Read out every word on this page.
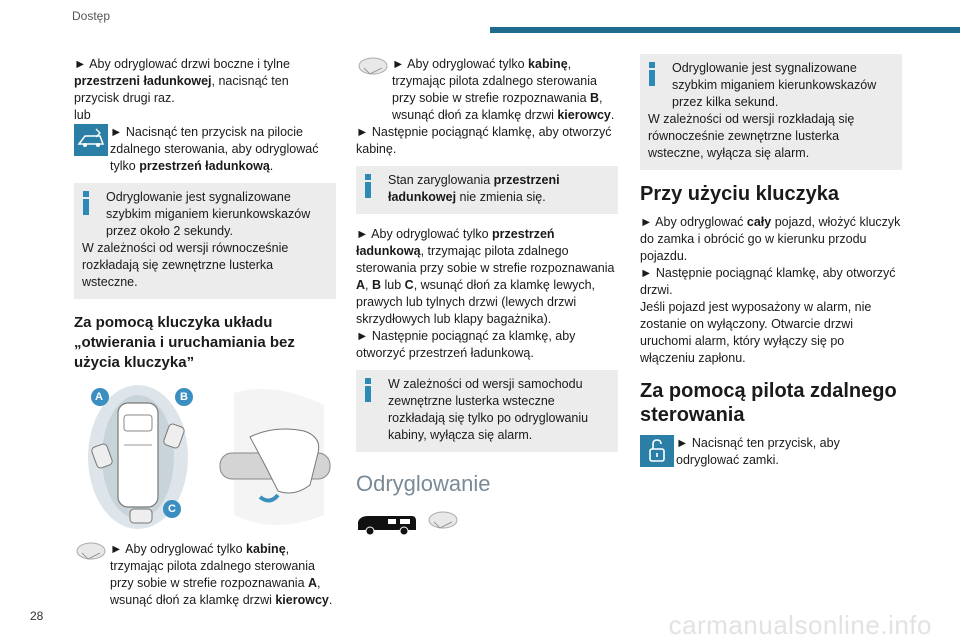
Dostęp

► Aby odryglować drzwi boczne i tylne przestrzeni ładunkowej, nacisnąć ten przycisk drugi raz.

lub

► Nacisnąć ten przycisk na pilocie zdalnego sterowania, aby odryglować tylko przestrzeń ładunkową.

Odryglowanie jest sygnalizowane szybkim miganiem kierunkowskazów przez około 2 sekundy.

W zależności od wersji równocześnie rozkładają się zewnętrzne lusterka wsteczne.

Za pomocą kluczyka układu „otwierania i uruchamiania bez użycia kluczyka”
A	B
C

► Aby odryglować tylko kabinę, trzymając pilota zdalnego sterowania przy sobie w strefie rozpoznawania A, wsunąć dłoń za klamkę drzwi kierowcy.

► Aby odryglować tylko kabinę, trzymając pilota zdalnego sterowania przy sobie w strefie rozpoznawania B, wsunąć dłoń za klamkę drzwi kierowcy.

► Następnie pociągnąć klamkę, aby otworzyć kabinę.

Stan zaryglowania przestrzeni ładunkowej nie zmienia się.

► Aby odryglować tylko przestrzeń ładunkową, trzymając pilota zdalnego sterowania przy sobie w strefie rozpoznawania A, B lub C, wsunąć dłoń za klamkę lewych, prawych lub tylnych drzwi (lewych drzwi skrzydłowych lub klapy bagażnika).

► Następnie pociągnąć za klamkę, aby otworzyć przestrzeń ładunkową.

W zależności od wersji samochodu zewnętrzne lusterka wsteczne rozkładają się tylko po odryglowaniu kabiny, wyłącza się alarm.

Odryglowanie

Odryglowanie jest sygnalizowane szybkim miganiem kierunkowskazów przez kilka sekund.

W zależności od wersji rozkładają się równocześnie zewnętrzne lusterka wsteczne, wyłącza się alarm.

Przy użyciu kluczyka

► Aby odryglować cały pojazd, włożyć kluczyk do zamka i obrócić go w kierunku przodu pojazdu.

► Następnie pociągnąć klamkę, aby otworzyć drzwi.

Jeśli pojazd jest wyposażony w alarm, nie zostanie on wyłączony. Otwarcie drzwi uruchomi alarm, który wyłączy się po włączeniu zapłonu.

Za pomocą pilota zdalnego sterowania

► Nacisnąć ten przycisk, aby odryglować zamki.

28	carmanualsonline.info
